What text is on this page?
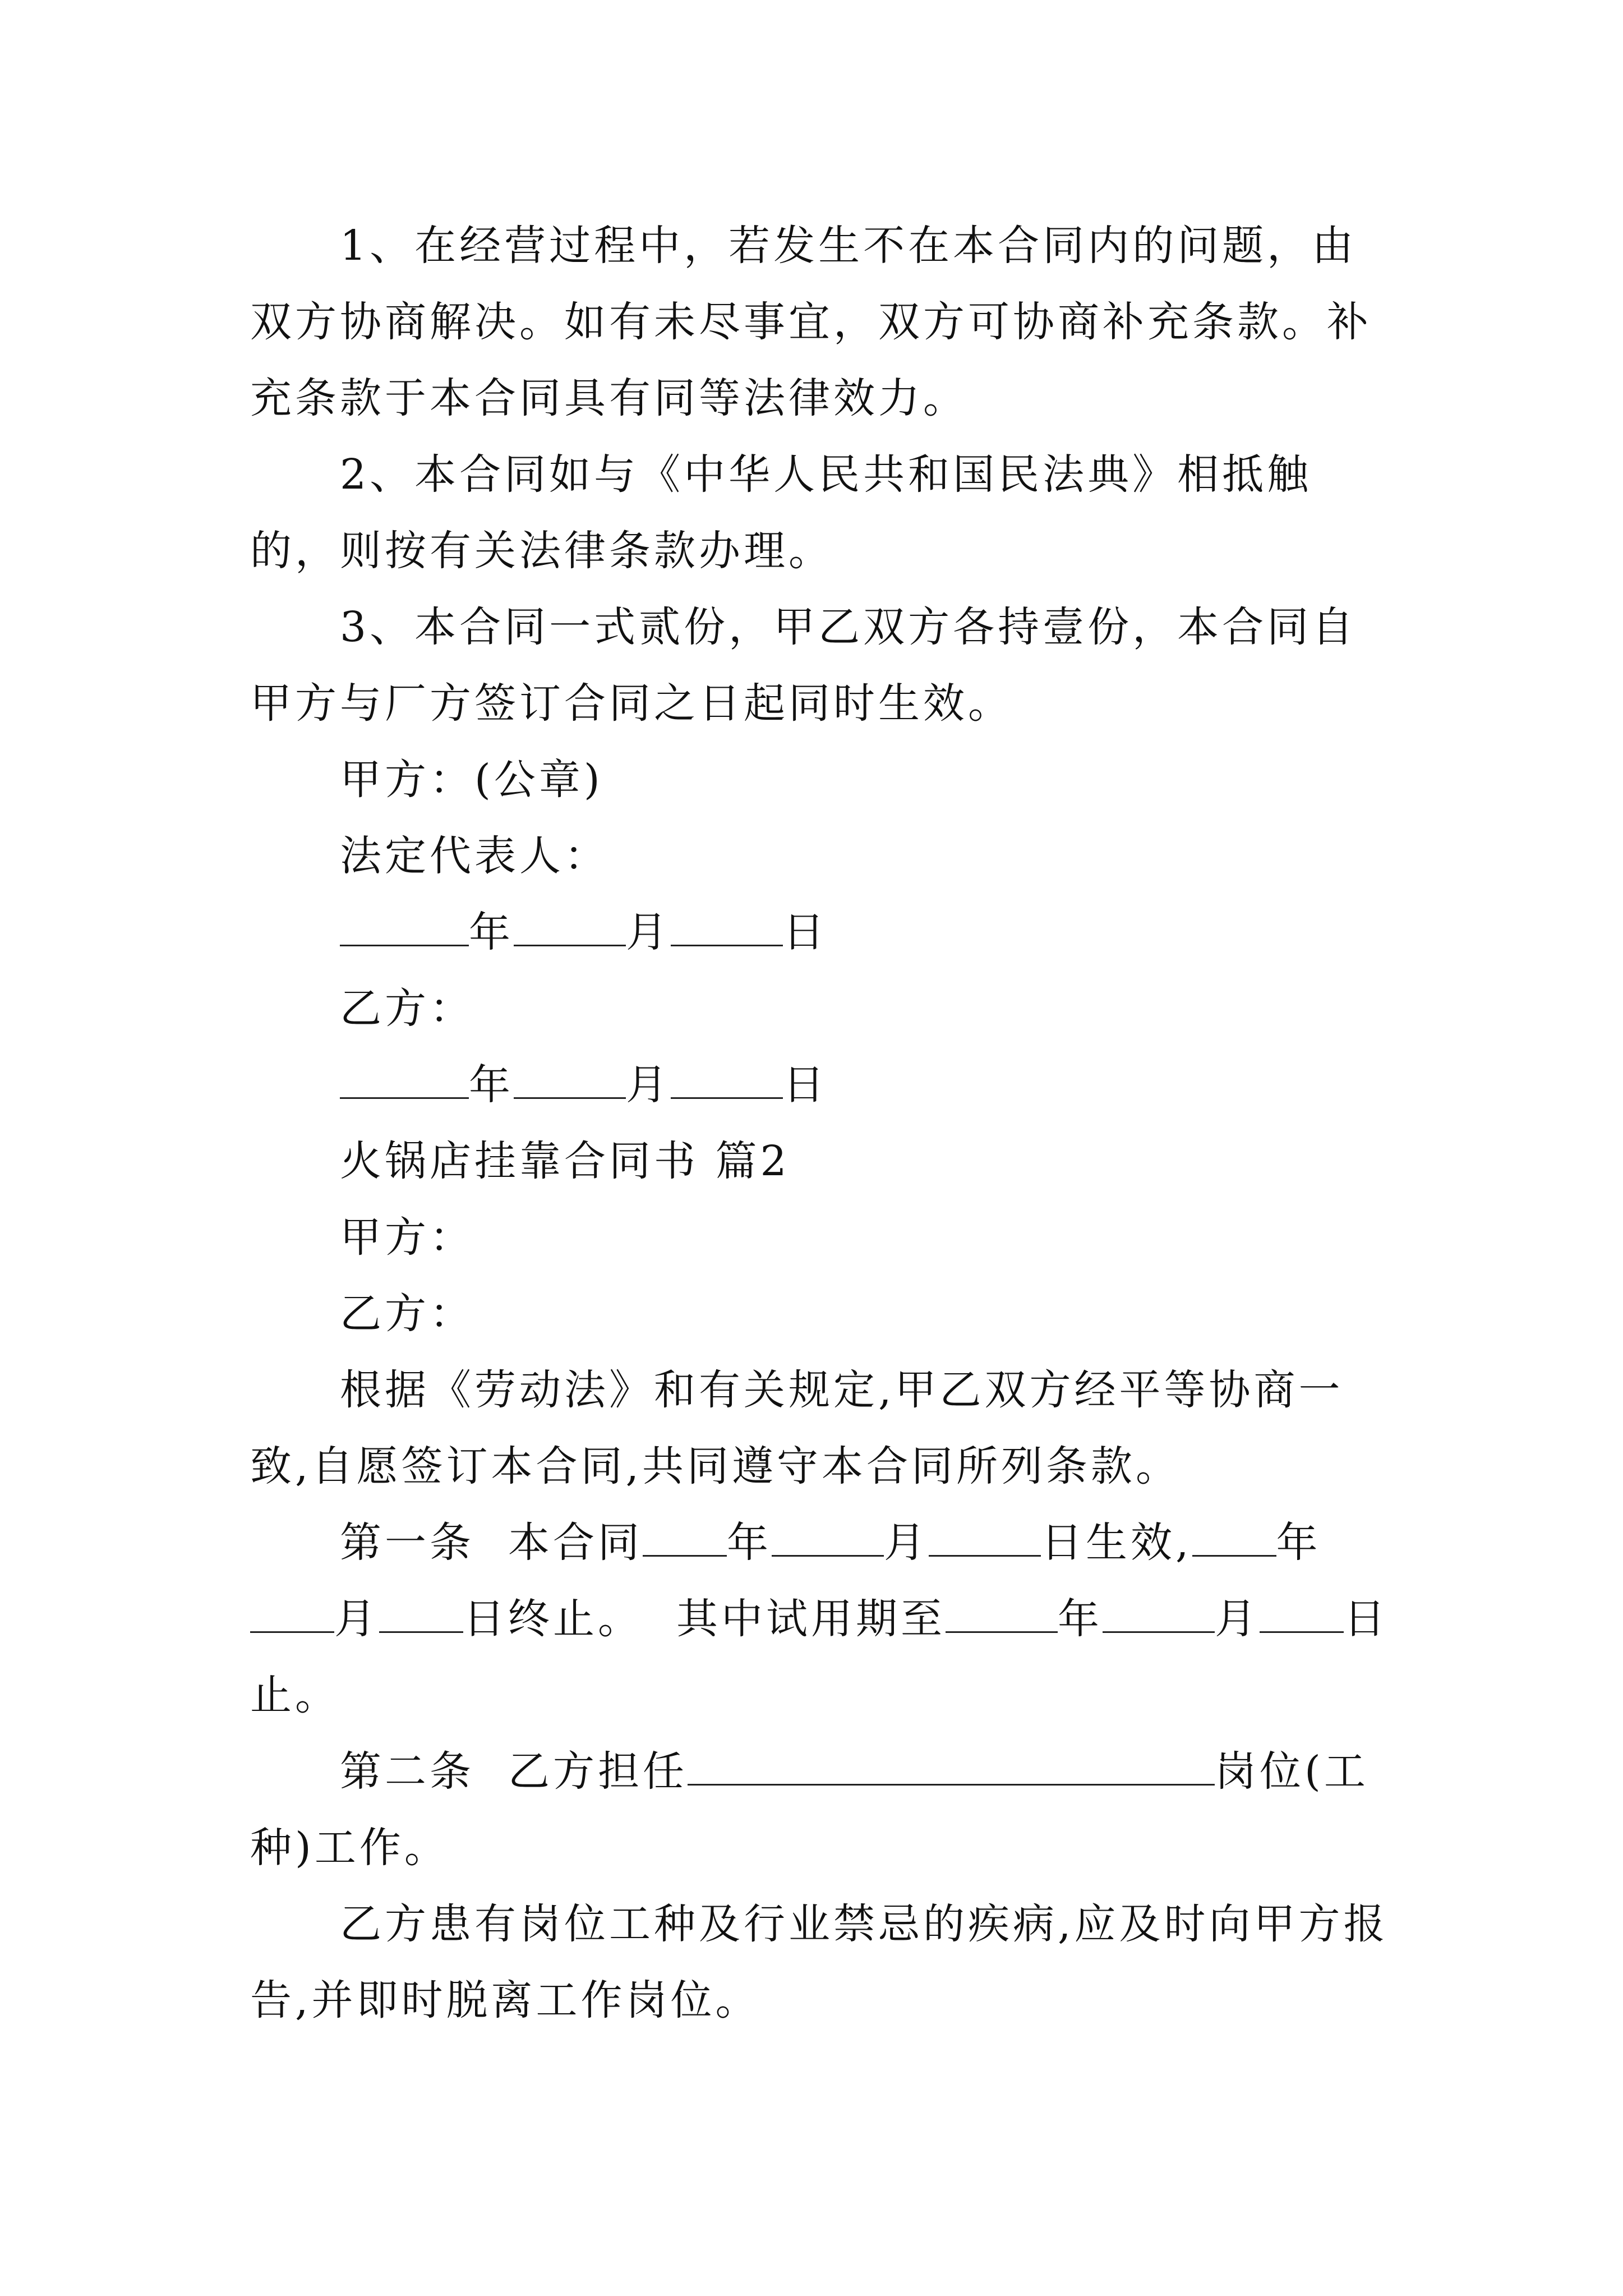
1、在经营过程中，若发生不在本合同内的问题，由双方协商解决。如有未尽事宜，双方可协商补充条款。补充条款于本合同具有同等法律效力。

2、本合同如与《中华人民共和国民法典》相抵触的，则按有关法律条款办理。

3、本合同一式贰份，甲乙双方各持壹份，本合同自甲方与厂方签订合同之日起同时生效。

甲方：(公章)

法定代表人：

年	月	日

乙方：

年	月	日

火锅店挂靠合同书 篇2

甲方：

乙方：

根据《劳动法》和有关规定,甲乙双方经平等协商一致,自愿签订本合同,共同遵守本合同所列条款。

第一条 本合同 年	月	日生效, 年月 日终止。 其中试用期至	年	月 日止。

第二条 乙方担任	岗位(工种)工作。

乙方患有岗位工种及行业禁忌的疾病,应及时向甲方报告,并即时脱离工作岗位。
